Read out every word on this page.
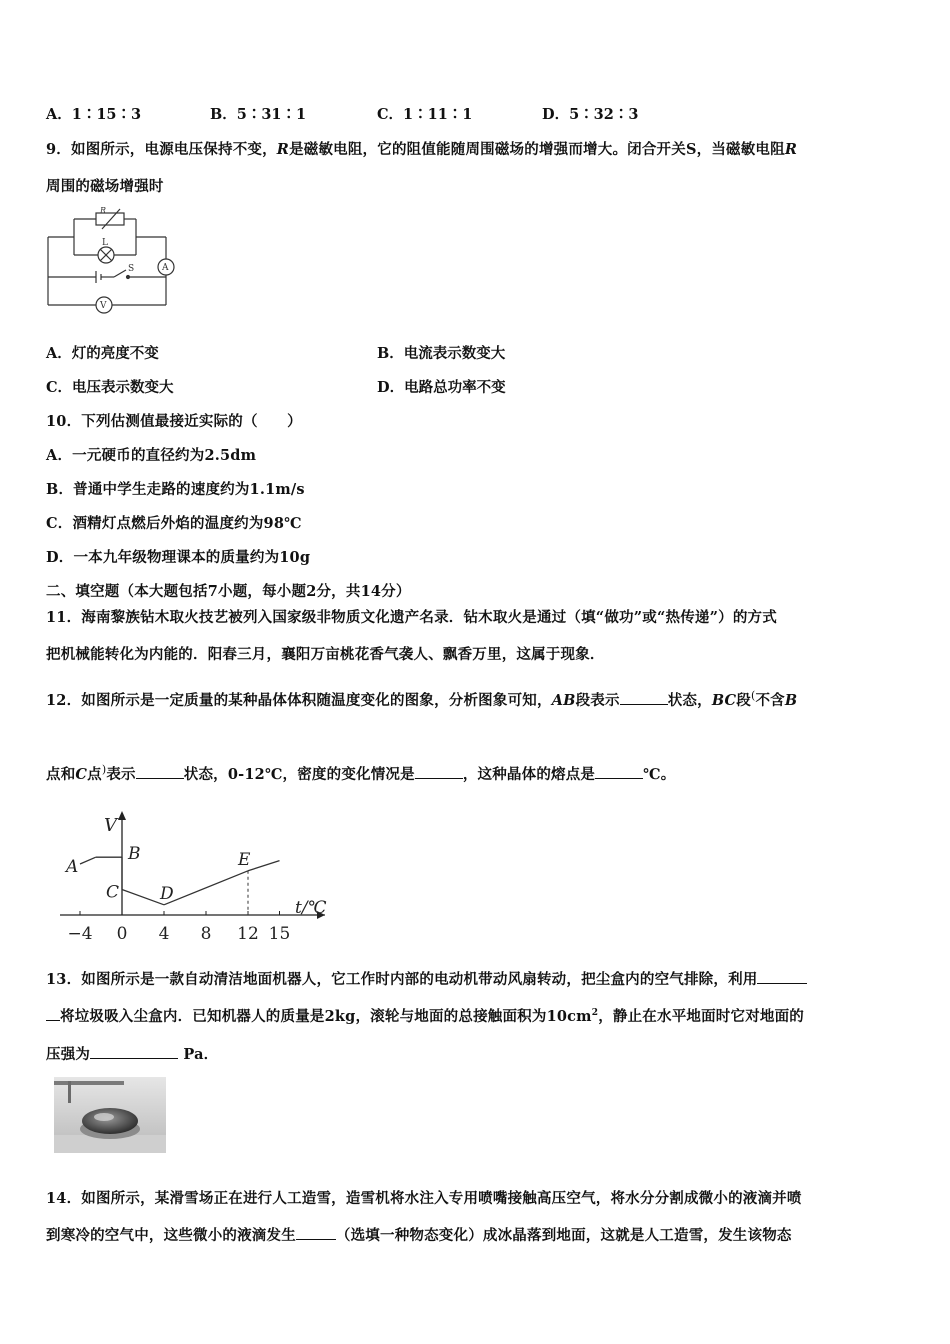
A．1∶15∶3	B．5∶31∶1	C．1∶11∶1	D．5∶32∶3
9．如图所示，电源电压保持不变，R是磁敏电阻，它的阻值能随周围磁场的增强而增大。闭合开关S，当磁敏电阻R
周围的磁场增强时
R
L
S	A
V
A．灯的亮度不变	B．电流表示数变大
C．电压表示数变大	D．电路总功率不变
10．下列估测值最接近实际的（　　）
A．一元硬币的直径约为2.5dm
B．普通中学生走路的速度约为1.1m/s
C．酒精灯点燃后外焰的温度约为98℃
D．一本九年级物理课本的质量约为10g
二、填空题（本大题包括7小题，每小题2分，共14分）
11．海南黎族钻木取火技艺被列入国家级非物质文化遗产名录．钻木取火是通过（填“做功”或“热传递”）的方式
把机械能转化为内能的．阳春三月，襄阳万亩桃花香气袭人、飘香万里，这属于现象．
12．如图所示是一定质量的某种晶体体积随温度变化的图象，分析图象可知，AB段表示	状态，BC段(不含B
点和C点)表示	状态，0-12℃，密度的变化情况是	，这种晶体的熔点是	℃。
V
t/℃
−4 0 4 8 12 15
A
B
C D
E
13．如图所示是一款自动清洁地面机器人，它工作时内部的电动机带动风扇转动，把尘盒内的空气排除，利用
将垃圾吸入尘盒内．已知机器人的质量是2kg，滚轮与地面的总接触面积为$10cm^2$，静止在水平地面时它对地面的
压强为	Pa．
14．如图所示，某滑雪场正在进行人工造雪，造雪机将水注入专用喷嘴接触高压空气，将水分分割成微小的液滴并喷
到寒冷的空气中，这些微小的液滴发生	（选填一种物态变化）成冰晶落到地面，这就是人工造雪，发生该物态
